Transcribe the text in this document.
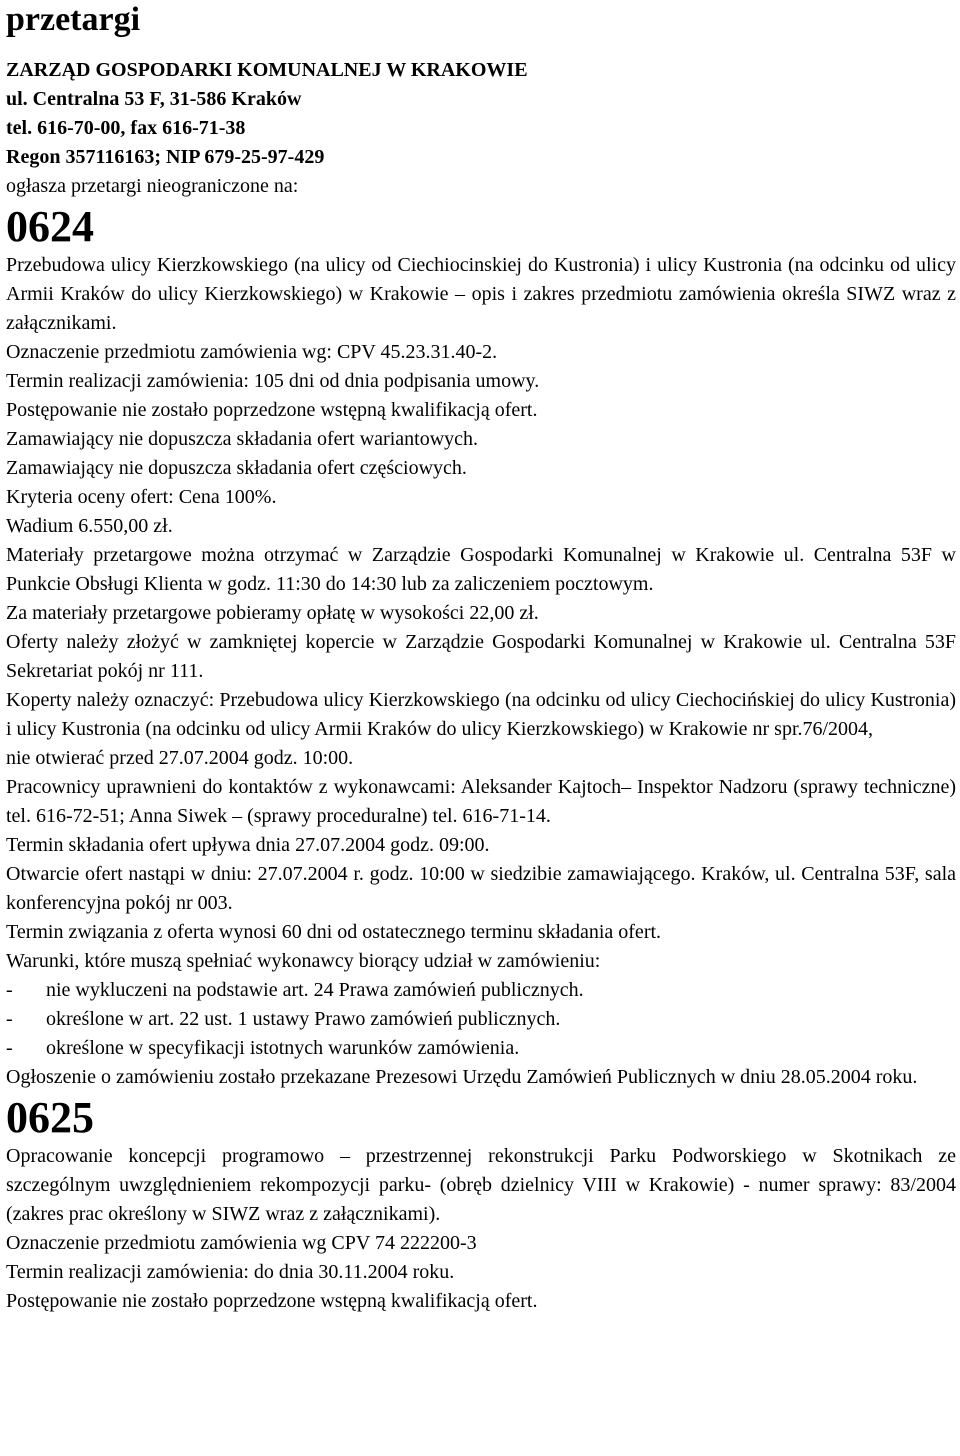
przetargi

ZARZĄD GOSPODARKI KOMUNALNEJ W KRAKOWIE

ul. Centralna 53 F, 31-586 Kraków

tel. 616-70-00, fax 616-71-38

Regon 357116163; NIP 679-25-97-429

ogłasza przetargi nieograniczone na:

0624

Przebudowa ulicy Kierzkowskiego (na ulicy od Ciechiocinskiej do Kustronia) i ulicy Kustronia (na odcinku od ulicy Armii Kraków do ulicy Kierzkowskiego) w Krakowie – opis i zakres przedmiotu zamówienia określa SIWZ wraz z załącznikami.

Oznaczenie przedmiotu zamówienia wg: CPV 45.23.31.40-2.

Termin realizacji zamówienia: 105 dni od dnia podpisania umowy.

Postępowanie nie zostało poprzedzone wstępną kwalifikacją ofert.

Zamawiający nie dopuszcza składania ofert wariantowych.

Zamawiający nie dopuszcza składania ofert częściowych.

Kryteria oceny ofert: Cena 100%.

Wadium 6.550,00 zł.

Materiały przetargowe można otrzymać w Zarządzie Gospodarki Komunalnej w Krakowie ul. Centralna 53F w Punkcie Obsługi Klienta w godz. 11:30 do 14:30 lub za zaliczeniem pocztowym.

Za materiały przetargowe pobieramy opłatę w wysokości 22,00 zł.

Oferty należy złożyć w zamkniętej kopercie w Zarządzie Gospodarki Komunalnej w Krakowie ul. Centralna 53F Sekretariat pokój nr 111.

Koperty należy oznaczyć: Przebudowa ulicy Kierzkowskiego (na odcinku od ulicy Ciechocińskiej do ulicy Kustronia) i ulicy Kustronia (na odcinku od ulicy Armii Kraków do ulicy Kierzkowskiego) w Krakowie nr spr.76/2004,

nie otwierać przed 27.07.2004 godz. 10:00.

Pracownicy uprawnieni do kontaktów z wykonawcami: Aleksander Kajtoch– Inspektor Nadzoru (sprawy techniczne) tel. 616-72-51; Anna Siwek – (sprawy proceduralne) tel. 616-71-14.

Termin składania ofert upływa dnia 27.07.2004 godz. 09:00.

Otwarcie ofert nastąpi w dniu: 27.07.2004 r. godz. 10:00 w siedzibie zamawiającego. Kraków, ul. Centralna 53F, sala konferencyjna pokój nr 003.

Termin związania z oferta wynosi 60 dni od ostatecznego terminu składania ofert.

Warunki, które muszą spełniać wykonawcy biorący udział w zamówieniu:

-	nie wykluczeni na podstawie art. 24 Prawa zamówień publicznych.
-	określone w art. 22 ust. 1 ustawy Prawo zamówień publicznych.
-	określone w specyfikacji istotnych warunków zamówienia.

Ogłoszenie o zamówieniu zostało przekazane Prezesowi Urzędu Zamówień Publicznych w dniu 28.05.2004 roku.

0625

Opracowanie koncepcji programowo – przestrzennej rekonstrukcji Parku Podworskiego w Skotnikach ze szczególnym uwzględnieniem rekompozycji parku- (obręb dzielnicy VIII w Krakowie) - numer sprawy: 83/2004 (zakres prac określony w SIWZ wraz z załącznikami).

Oznaczenie przedmiotu zamówienia wg CPV 74 222200-3

Termin realizacji zamówienia: do dnia 30.11.2004 roku.

Postępowanie nie zostało poprzedzone wstępną kwalifikacją ofert.
